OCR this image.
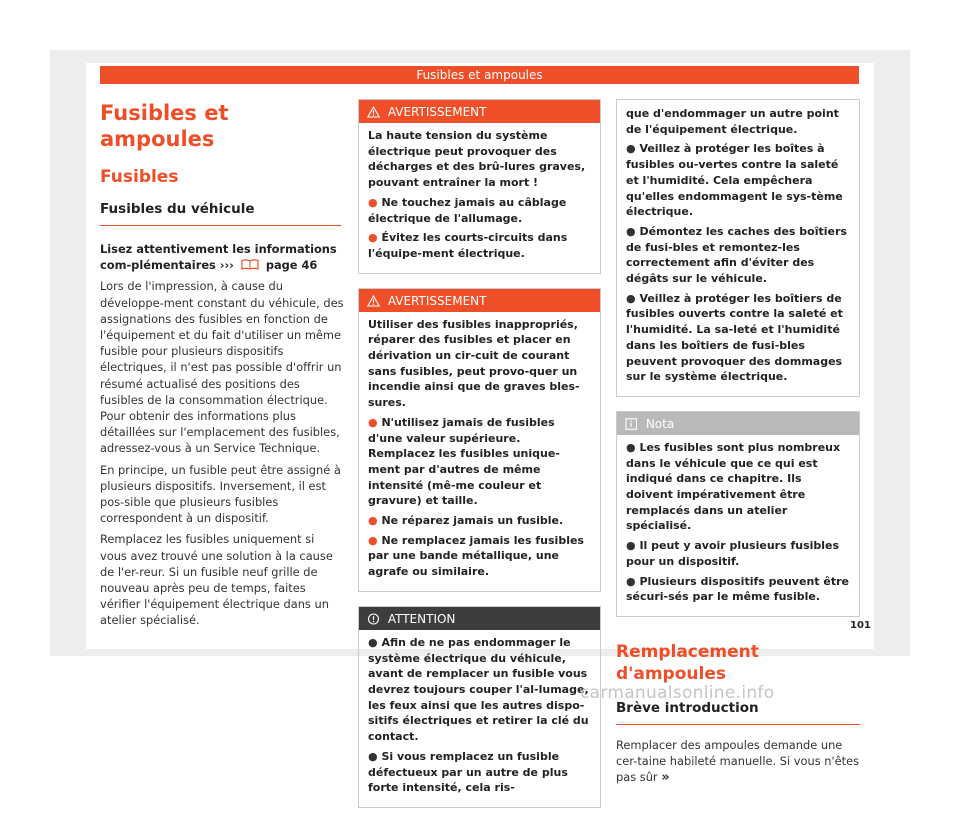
Fusibles et ampoules
Fusibles et ampoules
Fusibles
Fusibles du véhicule

Lisez attentivement les informations com-plémentaires ›››	page 46

Lors de l'impression, à cause du développe-ment constant du véhicule, des assignations des fusibles en fonction de l'équipement et du fait d'utiliser un même fusible pour plusieurs dispositifs électriques, il n'est pas possible d'offrir un résumé actualisé des positions des fusibles de la consommation électrique. Pour obtenir des informations plus détaillées sur l'emplacement des fusibles, adressez-vous à un Service Technique.

En principe, un fusible peut être assigné à plusieurs dispositifs. Inversement, il est pos-sible que plusieurs fusibles correspondent à un dispositif.

Remplacez les fusibles uniquement si vous avez trouvé une solution à la cause de l'er-reur. Si un fusible neuf grille de nouveau après peu de temps, faites vérifier l'équipement électrique dans un atelier spécialisé.

AVERTISSEMENT

La haute tension du système électrique peut provoquer des décharges et des brû-lures graves, pouvant entraîner la mort !

● Ne touchez jamais au câblage électrique de l'allumage.
● Évitez les courts-circuits dans l'équipe-ment électrique.
AVERTISSEMENT

Utiliser des fusibles inappropriés, réparer des fusibles et placer en dérivation un cir-cuit de courant sans fusibles, peut provo-quer un incendie ainsi que de graves bles-sures.

● N'utilisez jamais de fusibles d'une valeur supérieure. Remplacez les fusibles unique-ment par d'autres de même intensité (mê-me couleur et gravure) et taille.
● Ne réparez jamais un fusible.
● Ne remplacez jamais les fusibles par une bande métallique, une agrafe ou similaire.
ATTENTION
● Afin de ne pas endommager le système électrique du véhicule, avant de remplacer un fusible vous devrez toujours couper l'al-lumage, les feux ainsi que les autres dispo-sitifs électriques et retirer la clé du contact.
● Si vous remplacez un fusible défectueux par un autre de plus forte intensité, cela ris-

que d'endommager un autre point de l'équipement électrique.

● Veillez à protéger les boîtes à fusibles ou-vertes contre la saleté et l'humidité. Cela empêchera qu'elles endommagent le sys-tème électrique.
● Démontez les caches des boîtiers de fusi-bles et remontez-les correctement afin d'éviter des dégâts sur le véhicule.
● Veillez à protéger les boîtiers de fusibles ouverts contre la saleté et l'humidité. La sa-leté et l'humidité dans les boîtiers de fusi-bles peuvent provoquer des dommages sur le système électrique.
Nota
● Les fusibles sont plus nombreux dans le véhicule que ce qui est indiqué dans ce chapitre. Ils doivent impérativement être remplacés dans un atelier spécialisé.
● Il peut y avoir plusieurs fusibles pour un dispositif.
● Plusieurs dispositifs peuvent être sécuri-sés par le même fusible.
Remplacement d'ampoules
Brève introduction

Remplacer des ampoules demande une cer-taine habileté manuelle. Si vous n'êtes pas sûr »

101
carmanualsonline.info
